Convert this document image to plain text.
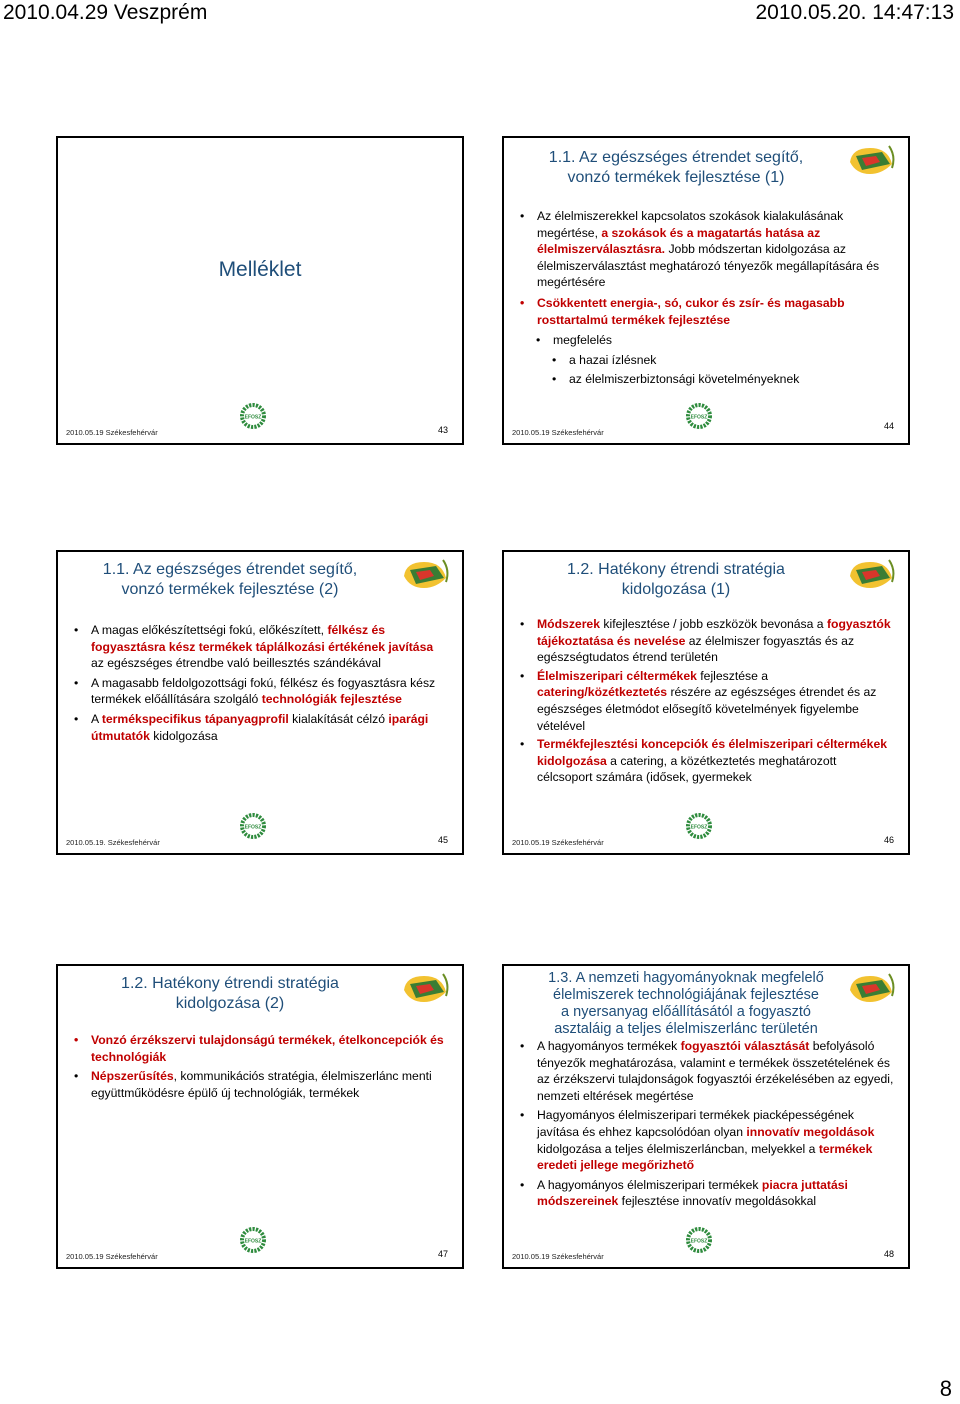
2010.04.29 Veszprém	2010.05.20. 14:47:13
Melléklet
2010.05.19 Székesfehérvár
EFOSZ
43
1.1. Az egészséges étrendet segítő,
vonzó termékek fejlesztése (1)
• Az élelmiszerekkel kapcsolatos szokások kialakulásának megértése, a szokások és a magatartás hatása az élelmiszerválasztásra. Jobb módszertan kidolgozása az élelmiszerválasztást meghatározó tényezők megállapítására és megértésére
• Csökkentett energia-, só, cukor és zsír- és magasabb rosttartalmú termékek fejlesztése
• megfelelés
• a hazai ízlésnek
• az élelmiszerbiztonsági követelményeknek
2010.05.19 Székesfehérvár
EFOSZ
44
1.1. Az egészséges étrendet segítő,
vonzó termékek fejlesztése (2)
• A magas előkészítettségi fokú, előkészített, félkész és fogyasztásra kész termékek táplálkozási értékének javítása az egészséges étrendbe való beillesztés szándékával
• A magasabb feldolgozottsági fokú, félkész és fogyasztásra kész termékek előállítására szolgáló technológiák fejlesztése
• A termékspecifikus tápanyagprofil kialakítását célzó iparági útmutatók kidolgozása
2010.05.19. Székesfehérvár
EFOSZ
45
1.2. Hatékony étrendi stratégia
kidolgozása (1)
• Módszerek kifejlesztése / jobb eszközök bevonása a fogyasztók tájékoztatása és nevelése az élelmiszer fogyasztás és az egészségtudatos étrend területén
• Élelmiszeripari céltermékek fejlesztése a catering/közétkeztetés részére az egészséges étrendet és az egészséges életmódot elősegítő követelmények figyelembe vételével
• Termékfejlesztési koncepciók és élelmiszeripari céltermékek kidolgozása a catering, a közétkeztetés meghatározott célcsoport számára (idősek, gyermekek
2010.05.19 Székesfehérvár
EFOSZ
46
1.2. Hatékony étrendi stratégia
kidolgozása (2)
• Vonzó érzékszervi tulajdonságú termékek, ételkoncepciók és technológiák
• Népszerűsítés, kommunikációs stratégia, élelmiszerlánc menti együttműködésre épülő új technológiák, termékek
2010.05.19 Székesfehérvár
EFOSZ
47
1.3. A nemzeti hagyományoknak megfelelő
élelmiszerek technológiájának fejlesztése
a nyersanyag előállításától a fogyasztó
asztaláig a teljes élelmiszerlánc területén
• A hagyományos termékek fogyasztói választását befolyásoló tényezők meghatározása, valamint e termékek összetételének és az érzékszervi tulajdonságok fogyasztói érzékelésében az egyedi, nemzeti eltérések megértése
• Hagyományos élelmiszeripari termékek piacképességének javítása és ehhez kapcsolódóan olyan innovatív megoldások kidolgozása a teljes élelmiszerláncban, melyekkel a termékek eredeti jellege megőrizhető
• A hagyományos élelmiszeripari termékek piacra juttatási módszereinek fejlesztése innovatív megoldásokkal
2010.05.19 Székesfehérvár
EFOSZ
48
8
